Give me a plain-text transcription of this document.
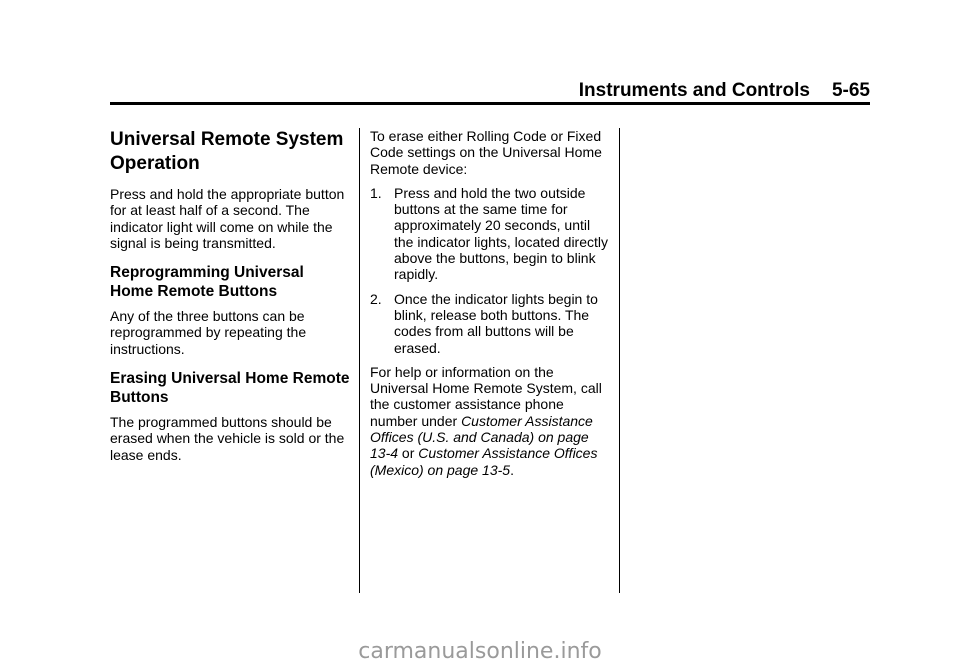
Instruments and Controls 5-65
Universal Remote System Operation

Press and hold the appropriate button for at least half of a second. The indicator light will come on while the signal is being transmitted.

Reprogramming Universal Home Remote Buttons

Any of the three buttons can be reprogrammed by repeating the instructions.

Erasing Universal Home Remote Buttons

The programmed buttons should be erased when the vehicle is sold or the lease ends.

To erase either Rolling Code or Fixed Code settings on the Universal Home Remote device:

1. Press and hold the two outside buttons at the same time for approximately 20 seconds, until the indicator lights, located directly above the buttons, begin to blink rapidly.
2. Once the indicator lights begin to blink, release both buttons. The codes from all buttons will be erased.

For help or information on the Universal Home Remote System, call the customer assistance phone number under Customer Assistance Offices (U.S. and Canada) on page 13-4 or Customer Assistance Offices (Mexico) on page 13-5.

carmanualsonline.info
